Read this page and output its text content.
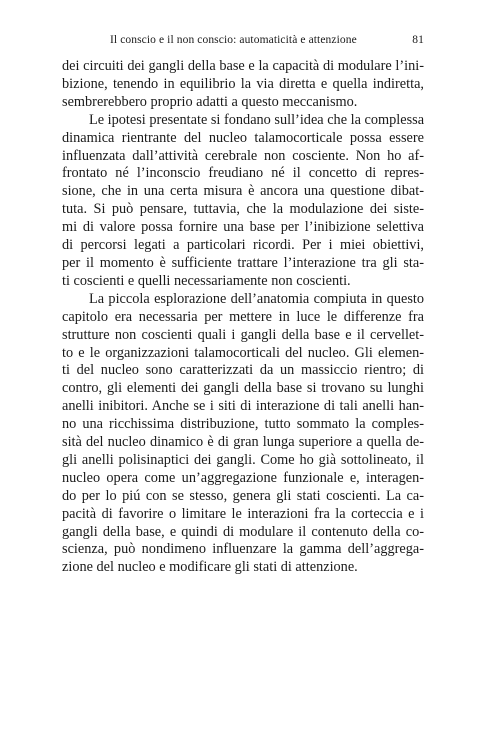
Il conscio e il non conscio: automaticità e attenzione	81
dei circuiti dei gangli della base e la capacità di modulare l’ini-
bizione, tenendo in equilibrio la via diretta e quella indiretta,
sembrerebbero proprio adatti a questo meccanismo.
Le ipotesi presentate si fondano sull’idea che la complessa
dinamica rientrante del nucleo talamocorticale possa essere
influenzata dall’attività cerebrale non cosciente. Non ho af-
frontato né l’inconscio freudiano né il concetto di repres-
sione, che in una certa misura è ancora una questione dibat-
tuta. Si può pensare, tuttavia, che la modulazione dei siste-
mi di valore possa fornire una base per l’inibizione selettiva
di percorsi legati a particolari ricordi. Per i miei obiettivi,
per il momento è sufficiente trattare l’interazione tra gli sta-
ti coscienti e quelli necessariamente non coscienti.
La piccola esplorazione dell’anatomia compiuta in questo
capitolo era necessaria per mettere in luce le differenze fra
strutture non coscienti quali i gangli della base e il cervellet-
to e le organizzazioni talamocorticali del nucleo. Gli elemen-
ti del nucleo sono caratterizzati da un massiccio rientro; di
contro, gli elementi dei gangli della base si trovano su lunghi
anelli inibitori. Anche se i siti di interazione di tali anelli han-
no una ricchissima distribuzione, tutto sommato la comples-
sità del nucleo dinamico è di gran lunga superiore a quella de-
gli anelli polisinaptici dei gangli. Come ho già sottolineato, il
nucleo opera come un’aggregazione funzionale e, interagen-
do per lo piú con se stesso, genera gli stati coscienti. La ca-
pacità di favorire o limitare le interazioni fra la corteccia e i
gangli della base, e quindi di modulare il contenuto della co-
scienza, può nondimeno influenzare la gamma dell’aggrega-
zione del nucleo e modificare gli stati di attenzione.
